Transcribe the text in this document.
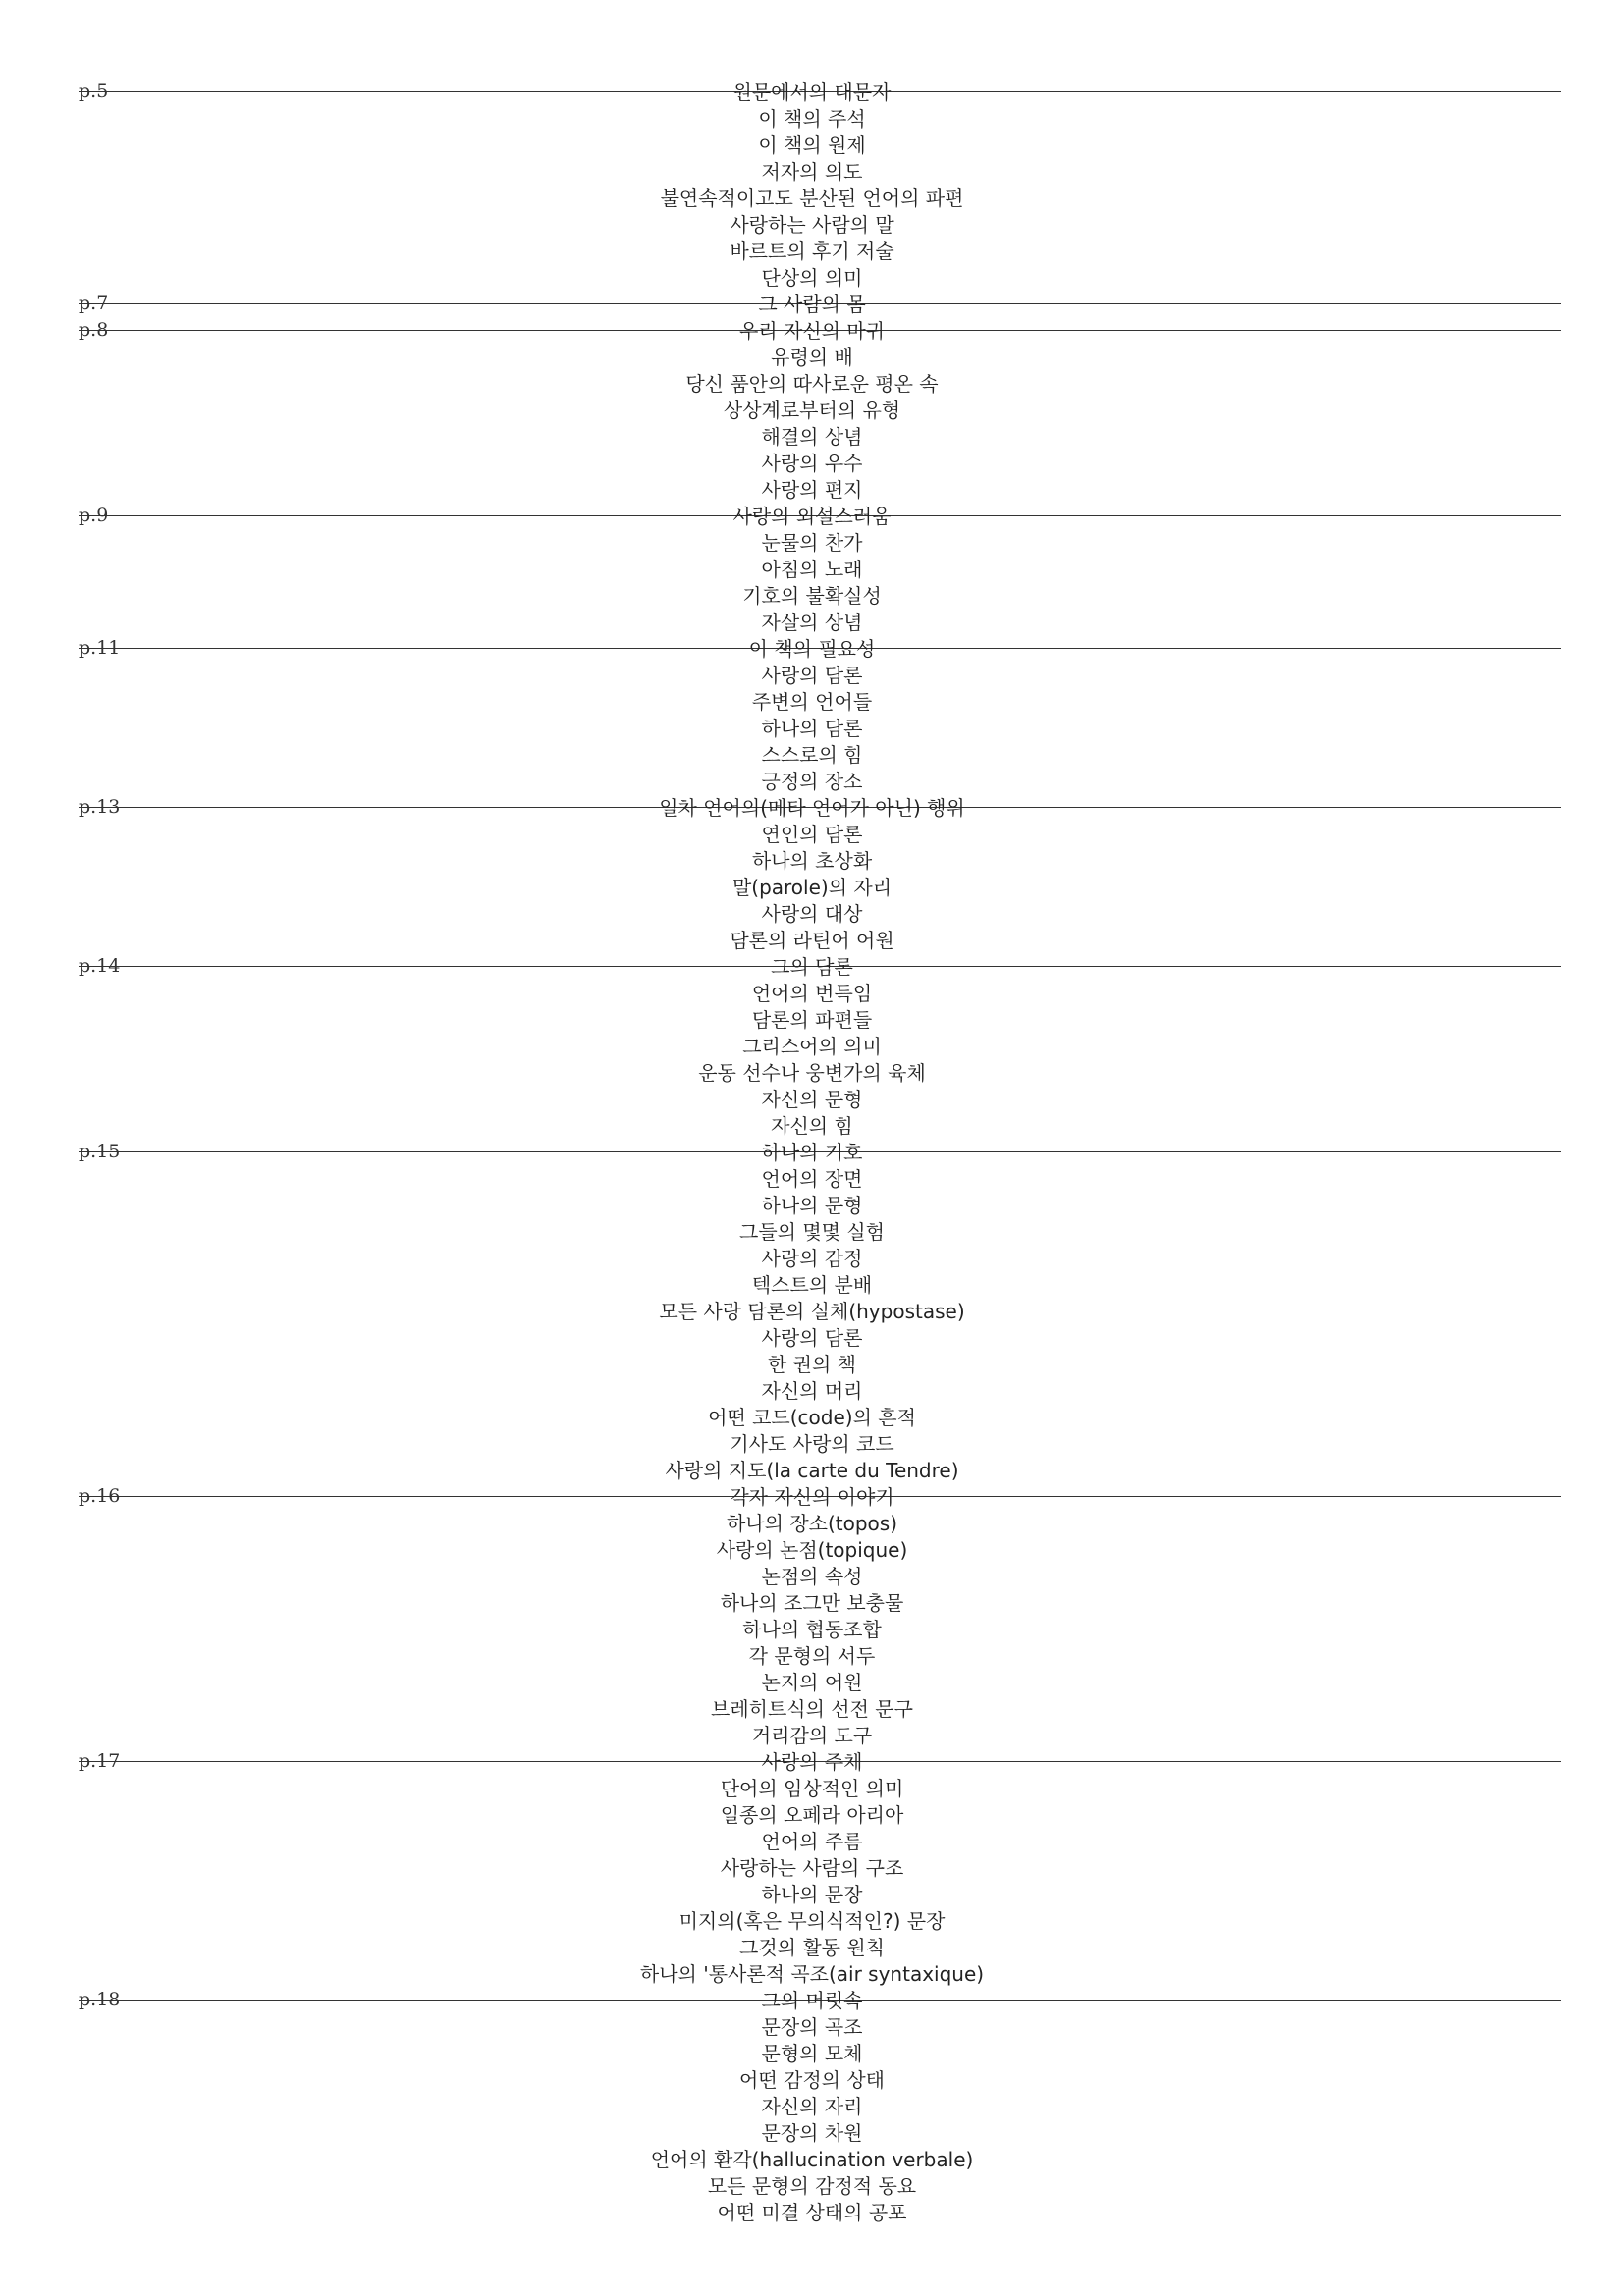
p.5	원문에서의 대문자
이 책의 주석
이 책의 원제
저자의 의도
불연속적이고도 분산된 언어의 파편
사랑하는 사람의 말
바르트의 후기 저술
단상의 의미
p.7	그 사람의 몸
p.8	우리 자신의 마귀
유령의 배
당신 품안의 따사로운 평온 속
상상계로부터의 유형
해결의 상념
사랑의 우수
사랑의 편지
p.9	사랑의 외설스러움
눈물의 찬가
아침의 노래
기호의 불확실성
자살의 상념
p.11	이 책의 필요성
사랑의 담론
주변의 언어들
하나의 담론
스스로의 힘
긍정의 장소
p.13	일차 언어의(메타 언어가 아닌) 행위
연인의 담론
하나의 초상화
말(parole)의 자리
사랑의 대상
담론의 라틴어 어원
p.14	그의 담론
언어의 번득임
담론의 파편들
그리스어의 의미
운동 선수나 웅변가의 육체
자신의 문형
자신의 힘
p.15	하나의 기호
언어의 장면
하나의 문형
그들의 몇몇 실험
사랑의 감정
텍스트의 분배
모든 사랑 담론의 실체(hypostase)
사랑의 담론
한 권의 책
자신의 머리
어떤 코드(code)의 흔적
기사도 사랑의 코드
사랑의 지도(la carte du Tendre)
p.16	각자 자신의 이야기
하나의 장소(topos)
사랑의 논점(topique)
논점의 속성
하나의 조그만 보충물
하나의 협동조합
각 문형의 서두
논지의 어원
브레히트식의 선전 문구
거리감의 도구
p.17	사랑의 주체
단어의 임상적인 의미
일종의 오페라 아리아
언어의 주름
사랑하는 사람의 구조
하나의 문장
미지의(혹은 무의식적인?) 문장
그것의 활동 원칙
하나의 '통사론적 곡조(air syntaxique)
p.18	그의 머릿속
문장의 곡조
문형의 모체
어떤 감정의 상태
자신의 자리
문장의 차원
언어의 환각(hallucination verbale)
모든 문형의 감정적 동요
어떤 미결 상태의 공포
